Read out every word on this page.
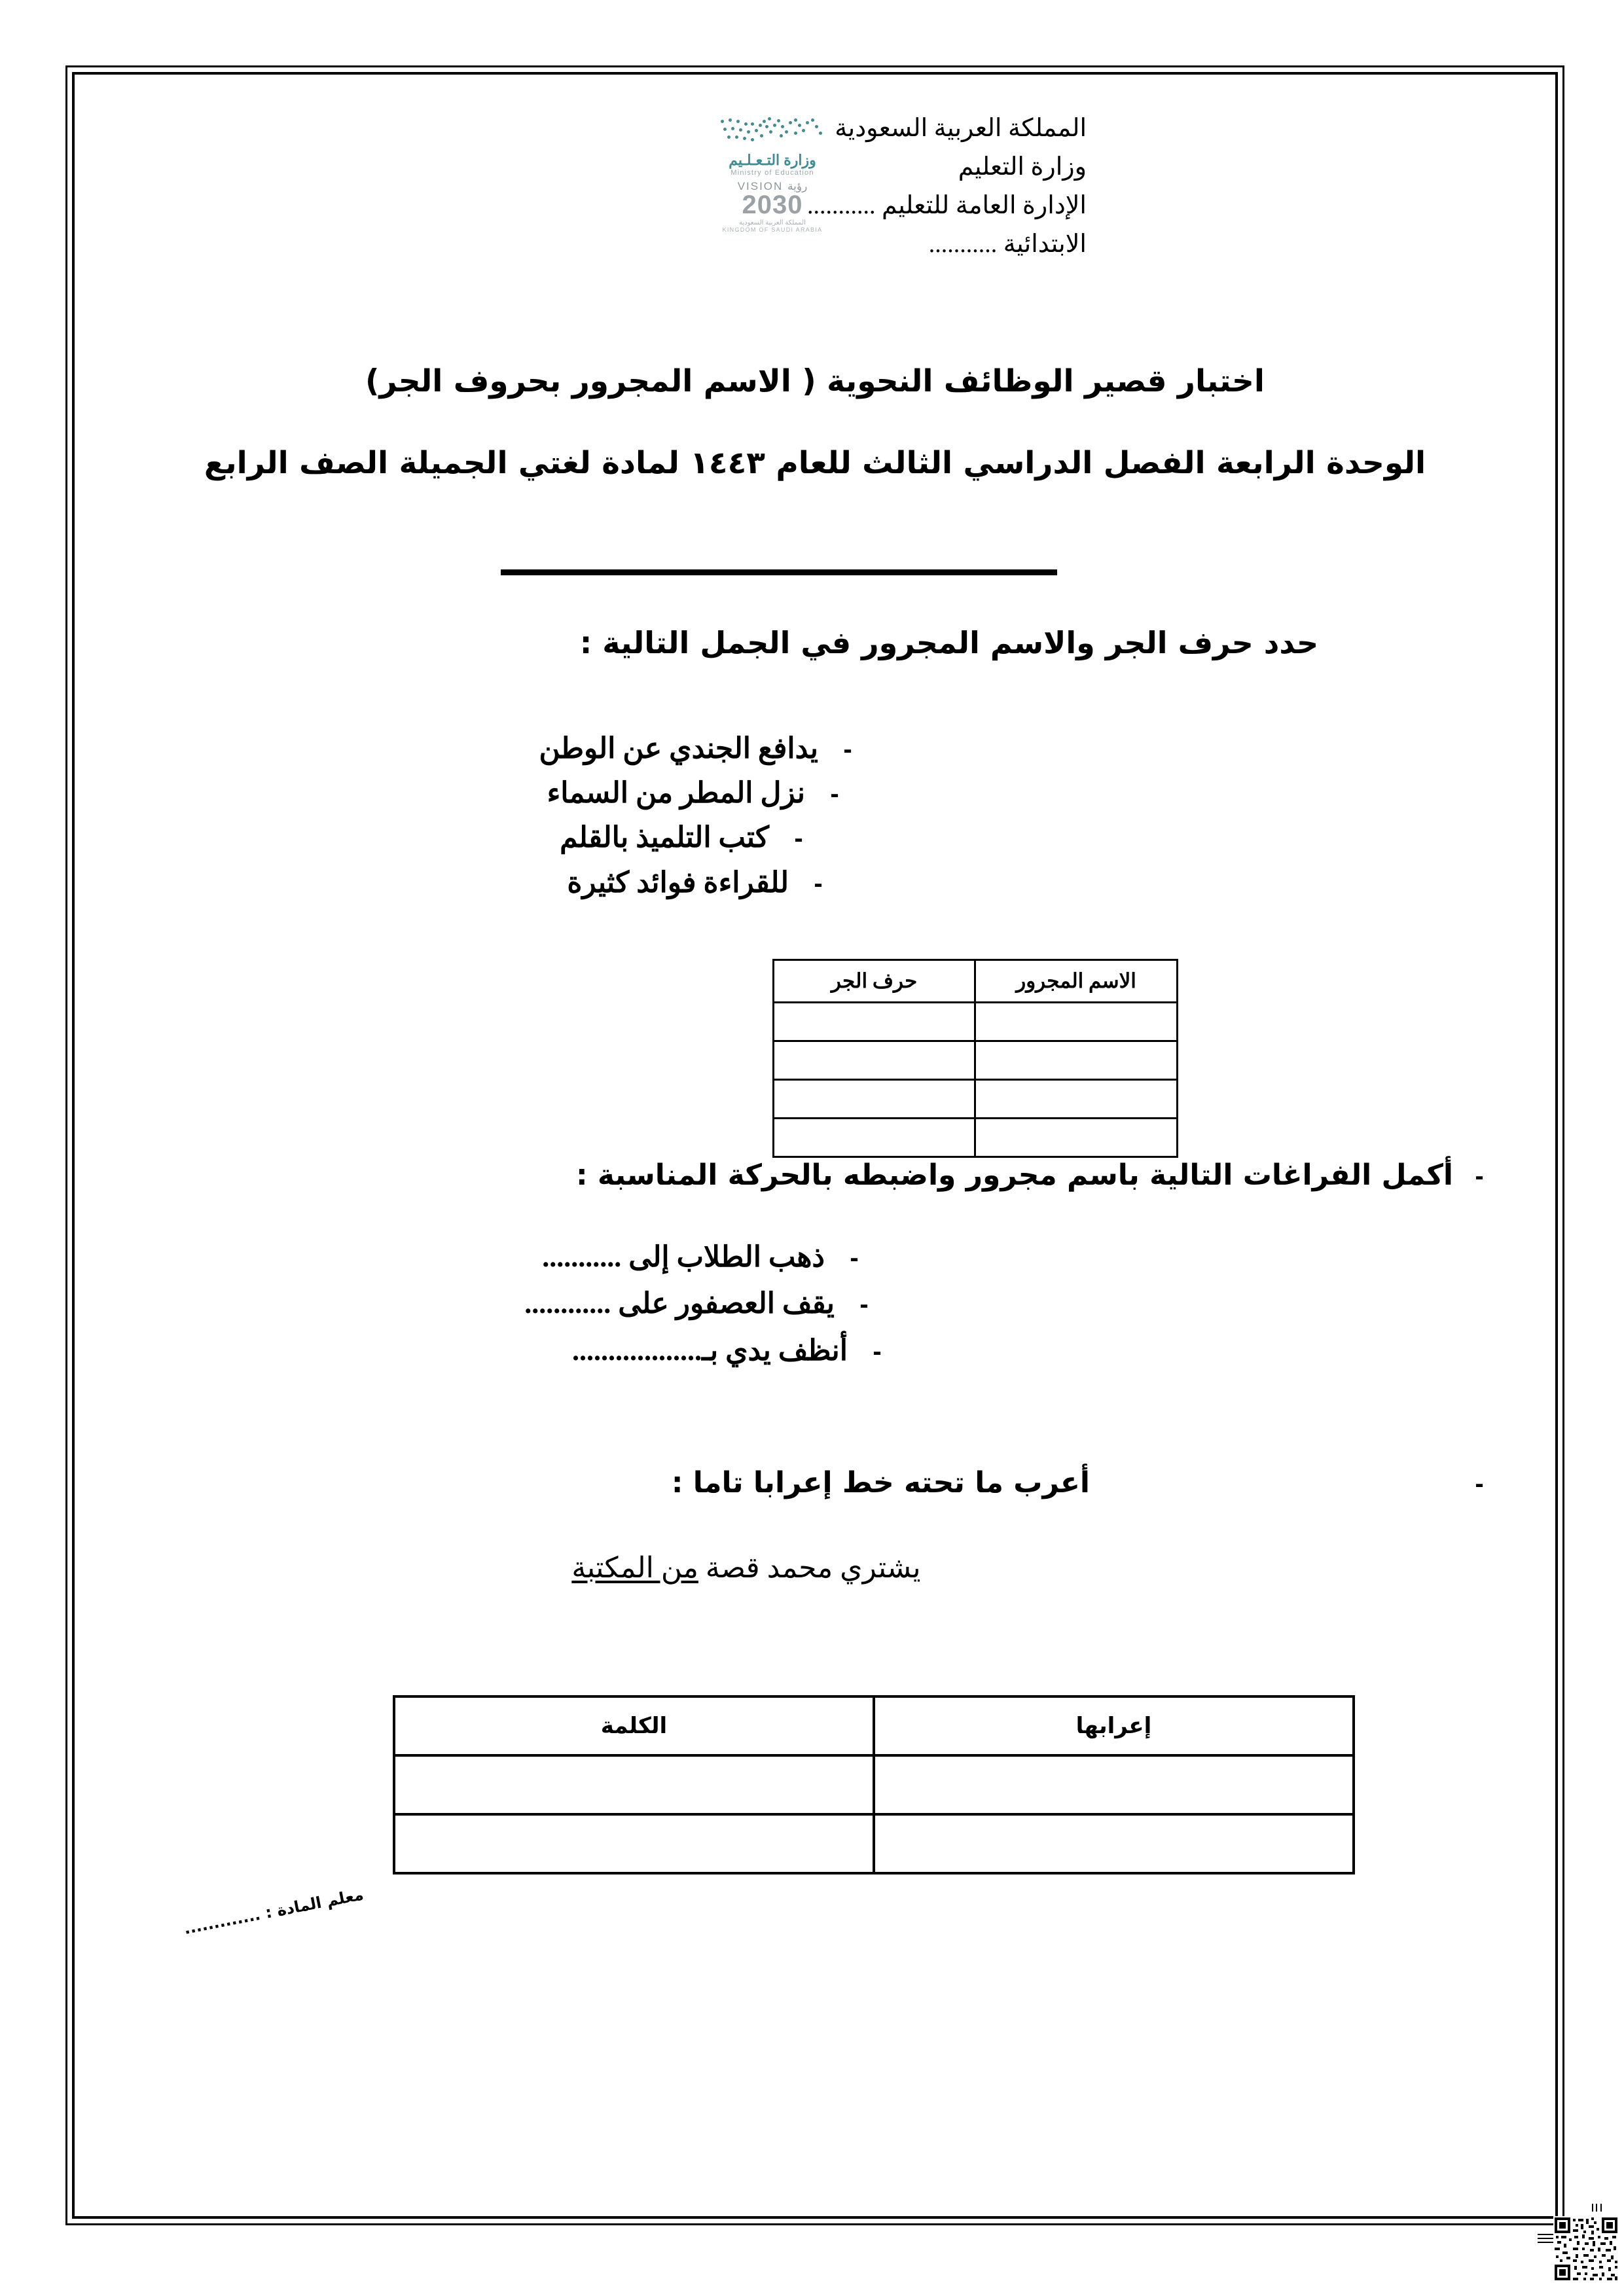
المملكة العربية السعودية
وزارة التعليم
الإدارة العامة للتعليم ...........
الابتدائية ...........
وزارة التـعـلـيم
Ministry of Education
VISION رؤية
2030
المملكة العربية السعودية
KINGDOM OF SAUDI ARABIA
اختبار قصير الوظائف النحوية ( الاسم المجرور بحروف الجر)
الوحدة الرابعة الفصل الدراسي الثالث للعام ١٤٤٣ لمادة لغتي الجميلة الصف الرابع
حدد حرف الجر والاسم المجرور في الجمل التالية :
-
يدافع الجندي عن الوطن
-
نزل المطر من السماء
-
كتب التلميذ بالقلم
-
للقراءة فوائد كثيرة
الاسم المجرور	حرف الجر

-
أكمل الفراغات التالية باسم مجرور واضبطه بالحركة المناسبة :
-
ذهب الطلاب إلى ...........
-
يقف العصفور على ............
-
أنظف يدي بـ..................
-
أعرب ما تحته خط إعرابا تاما :
يشتري محمد قصة من المكتبة
إعرابها	الكلمة

معلم المادة : .............
